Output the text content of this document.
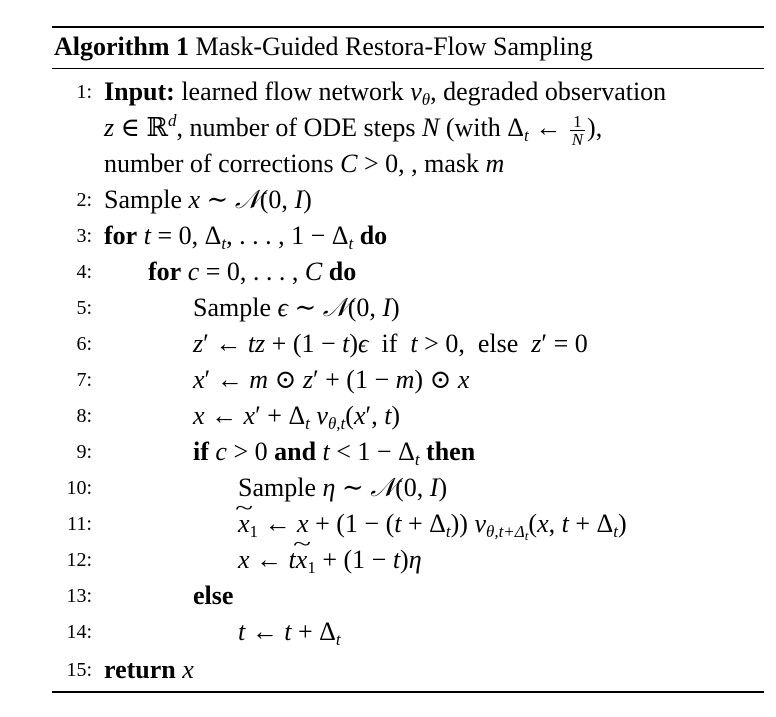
Algorithm 1 Mask-Guided Restora-Flow Sampling
1: Input: learned flow network $v_\theta$, degraded observation
z ∈ ℝ$^d$, number of ODE steps N (with $\Delta_t$ ← $\frac{1}{N}$ ),
number of corrections C > 0, , mask m
2: Sample x ∼ 𝒩(0, I)
3: for t = 0, $\Delta_t$, . . . , $1 - \Delta_t$ do
4: for c = 0, . . . , C do
5:	Sample ϵ ∼ 𝒩(0, I)
6:	z′ ← tz + (1 − t)ϵ if t > 0, else z′ = 0
7:	x′ ← m ⊙ z′ + (1 − m) ⊙ x
8:	x ← $x' + \Delta_t$ $v_{\theta,t}(x'$, t)
9:	if c > 0 and $t < 1 - \Delta_t$ then
10:	Sample η ∼ 𝒩(0, I)
11:
~	$x_1$ ← $x + (1 - (t + \Delta_t))$ $v_{\theta,t+\Delta_t}(x$, $t + \Delta_t$)
12:	x ← t~ $x_1 + (1 - t)\eta$
13:	else
14:	t ← $t + \Delta_t$
15: return x
